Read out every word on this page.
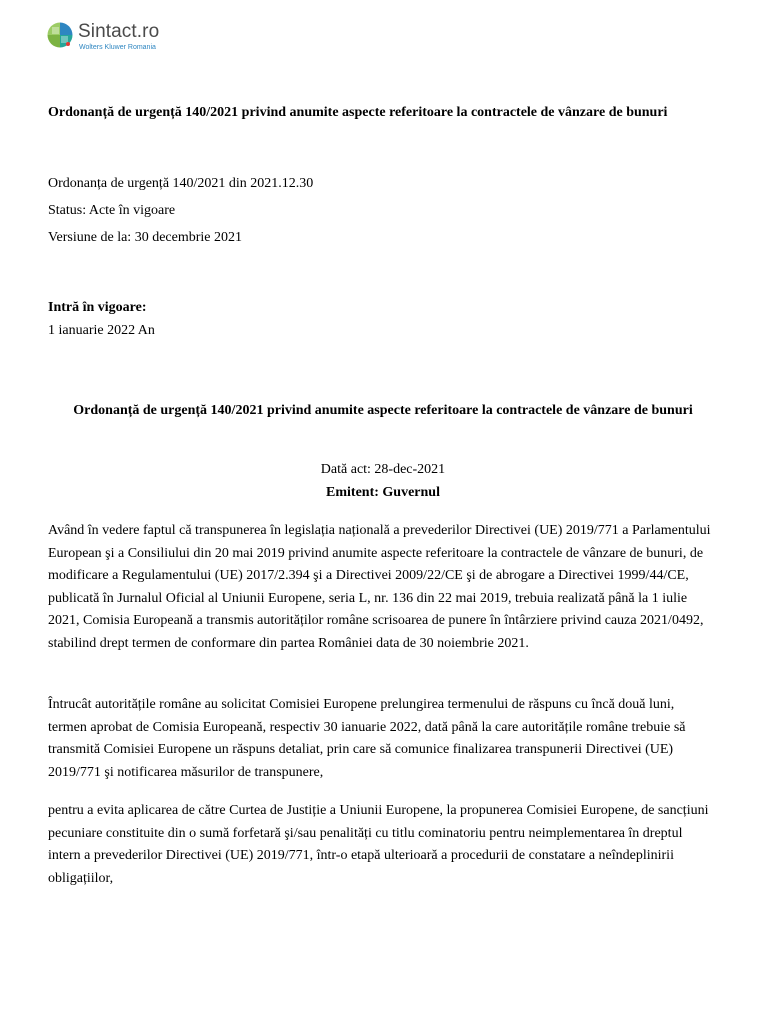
Sintact.ro
Wolters Kluwer Romania
Ordonanță de urgență 140/2021 privind anumite aspecte referitoare la contractele de vânzare de bunuri
Ordonanța de urgență 140/2021 din 2021.12.30
Status: Acte în vigoare
Versiune de la: 30 decembrie 2021
Intră în vigoare:
1 ianuarie 2022 An
Ordonanță de urgență 140/2021 privind anumite aspecte referitoare la contractele de vânzare de bunuri
Dată act: 28-dec-2021
Emitent: Guvernul
Având în vedere faptul că transpunerea în legislația națională a prevederilor Directivei (UE) 2019/771 a Parlamentului European şi a Consiliului din 20 mai 2019 privind anumite aspecte referitoare la contractele de vânzare de bunuri, de modificare a Regulamentului (UE) 2017/2.394 şi a Directivei 2009/22/CE şi de abrogare a Directivei 1999/44/CE, publicată în Jurnalul Oficial al Uniunii Europene, seria L, nr. 136 din 22 mai 2019, trebuia realizată până la 1 iulie 2021, Comisia Europeană a transmis autorităților române scrisoarea de punere în întârziere privind cauza 2021/0492, stabilind drept termen de conformare din partea României data de 30 noiembrie 2021.
Întrucât autoritățile române au solicitat Comisiei Europene prelungirea termenului de răspuns cu încă două luni, termen aprobat de Comisia Europeană, respectiv 30 ianuarie 2022, dată până la care autoritățile române trebuie să transmită Comisiei Europene un răspuns detaliat, prin care să comunice finalizarea transpunerii Directivei (UE) 2019/771 şi notificarea măsurilor de transpunere,
pentru a evita aplicarea de către Curtea de Justiție a Uniunii Europene, la propunerea Comisiei Europene, de sancțiuni pecuniare constituite din o sumă forfetară şi/sau penalități cu titlu cominatoriu pentru neimplementarea în dreptul intern a prevederilor Directivei (UE) 2019/771, într-o etapă ulterioară a procedurii de constatare a neîndeplinirii obligațiilor,
